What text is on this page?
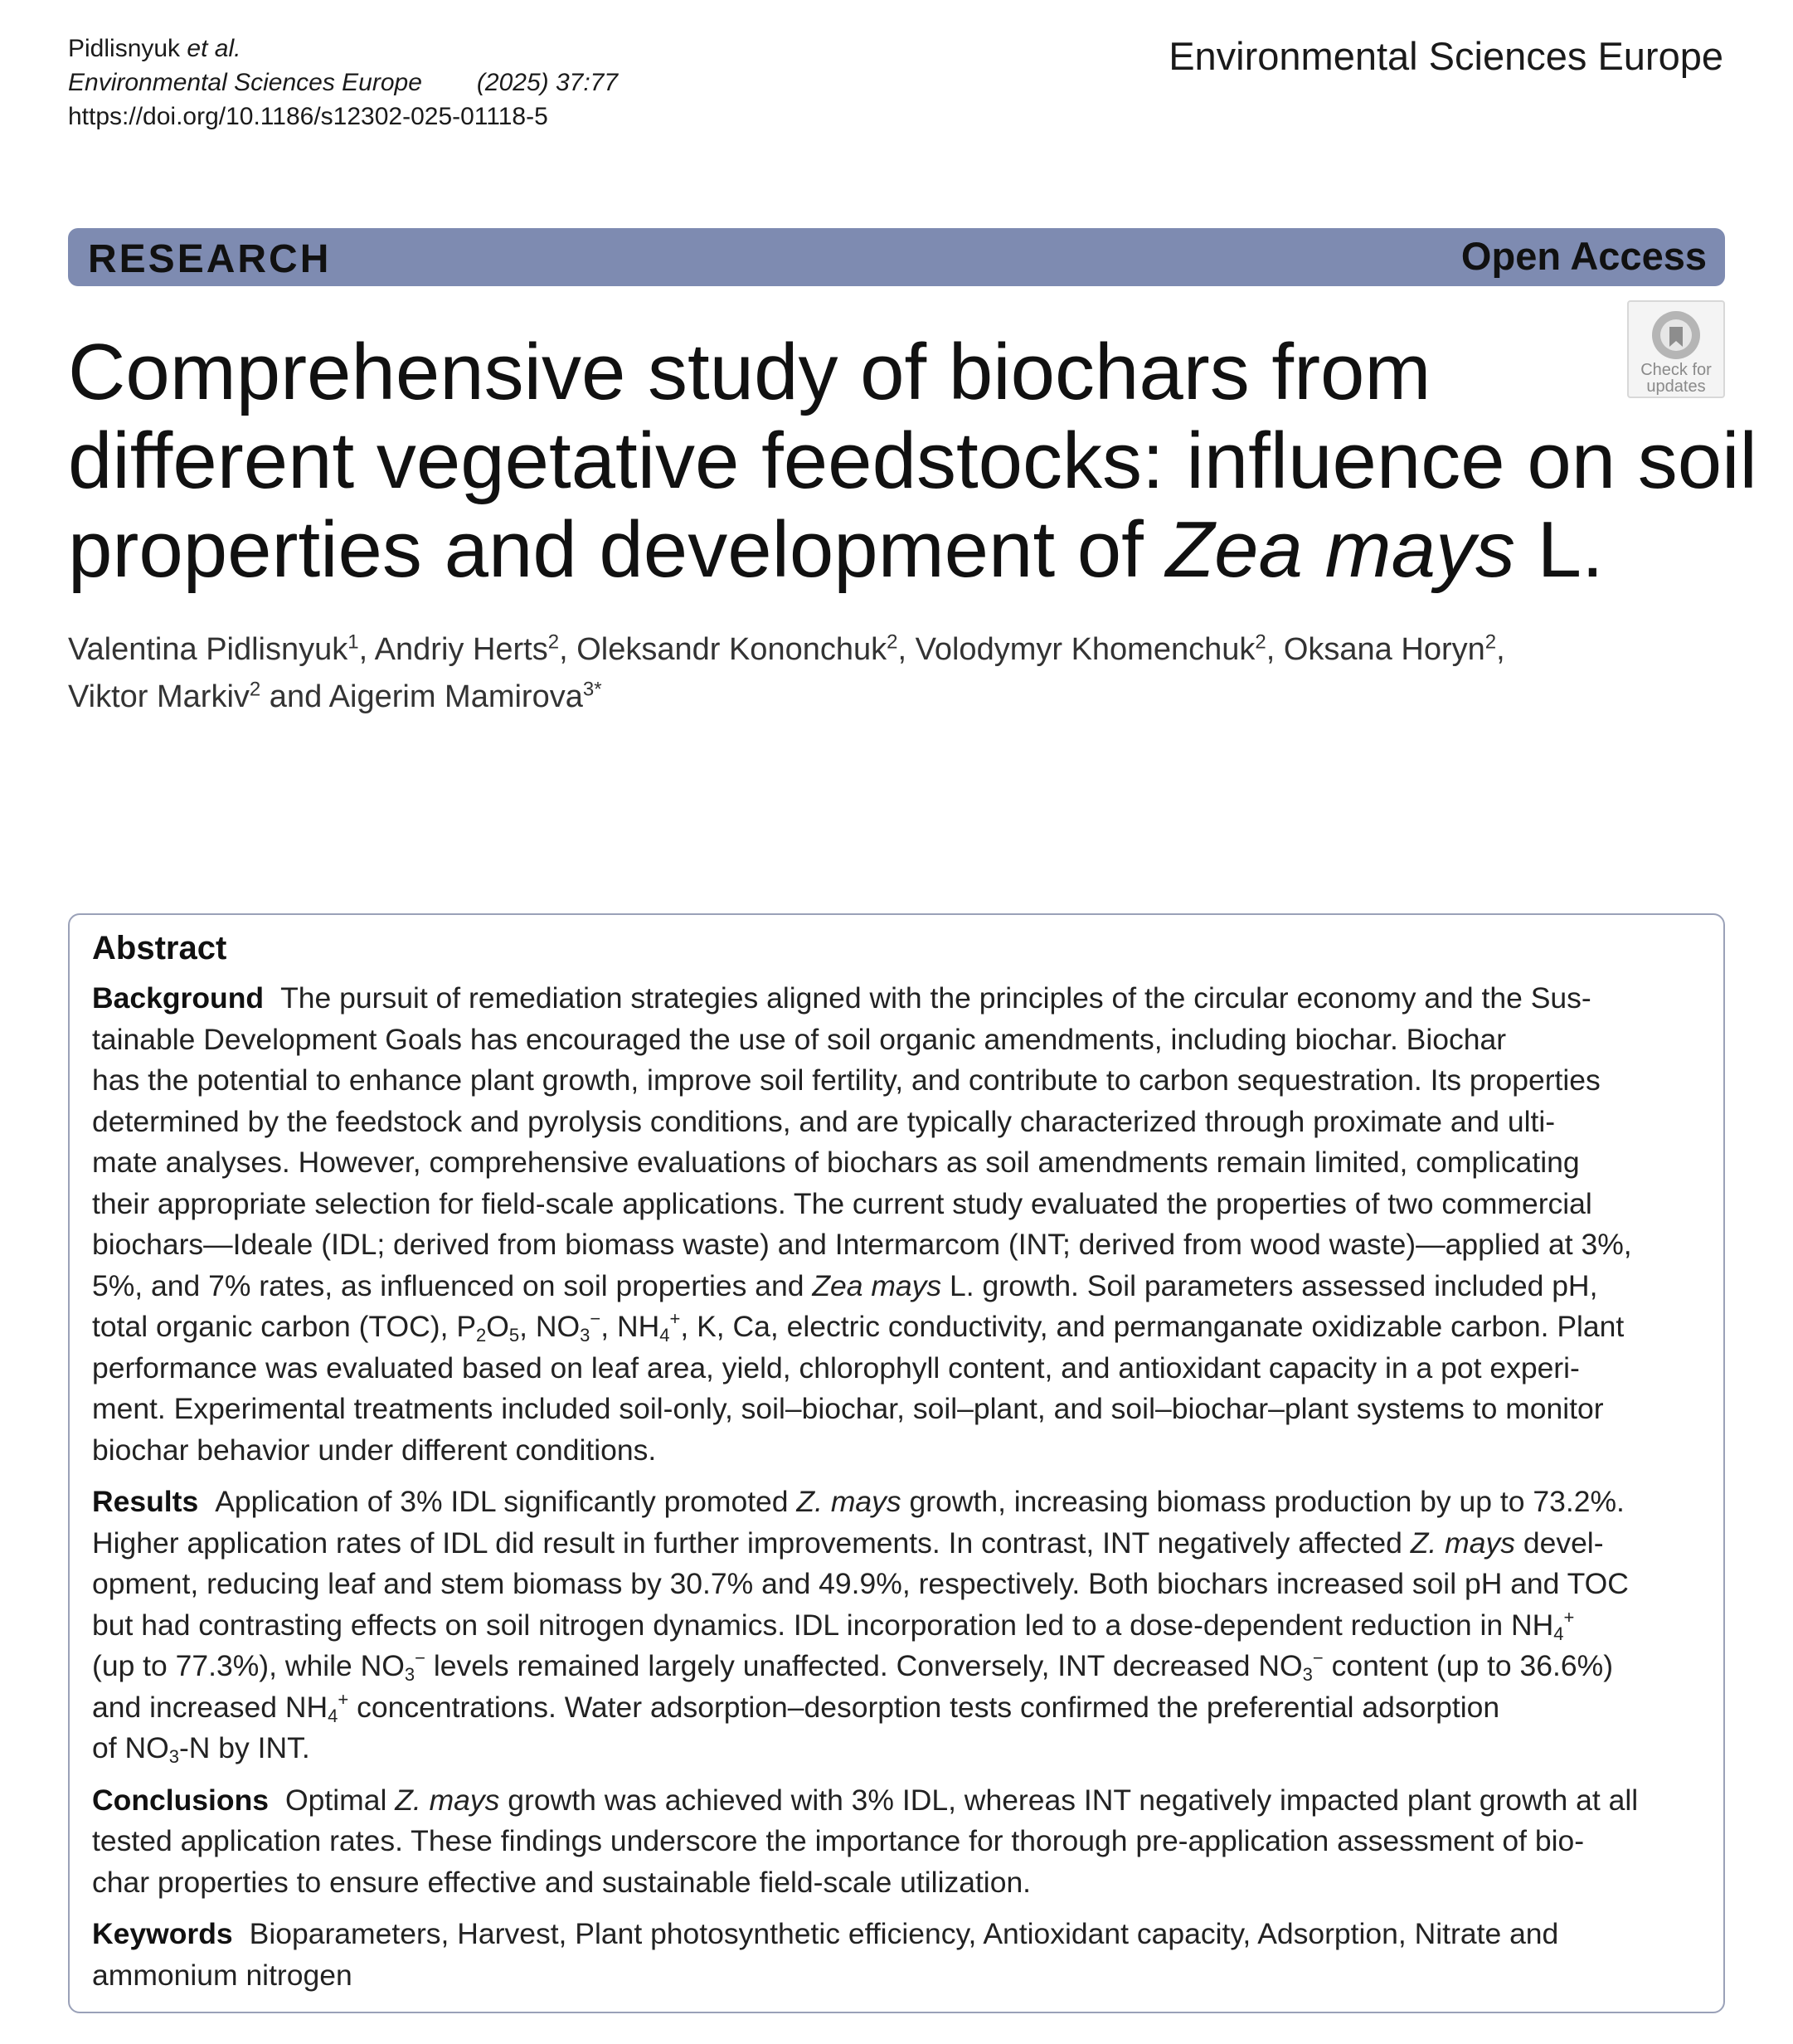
Pidlisnyuk et al.
Environmental Sciences Europe (2025) 37:77
https://doi.org/10.1186/s12302-025-01118-5
Environmental Sciences Europe
RESEARCH	Open Access
Check for
updates
Comprehensive study of biochars from
different vegetative feedstocks: influence on soil
properties and development of Zea mays L.
Valentina Pidlisnyuk$^1$, Andriy Herts$^2$, Oleksandr Kononchuk$^2$, Volodymyr Khomenchuk$^2$, Oksana Horyn$^2$,
Viktor Markiv$^2$ and Aigerim Mamirova$^{3*}$
Abstract
Background The pursuit of remediation strategies aligned with the principles of the circular economy and the Sus-
tainable Development Goals has encouraged the use of soil organic amendments, including biochar. Biochar
has the potential to enhance plant growth, improve soil fertility, and contribute to carbon sequestration. Its properties
determined by the feedstock and pyrolysis conditions, and are typically characterized through proximate and ulti-
mate analyses. However, comprehensive evaluations of biochars as soil amendments remain limited, complicating
their appropriate selection for field-scale applications. The current study evaluated the properties of two commercial
biochars—Ideale (IDL; derived from biomass waste) and Intermarcom (INT; derived from wood waste)—applied at 3%,
5%, and 7% rates, as influenced on soil properties and Zea mays L. growth. Soil parameters assessed included pH,
total organic carbon (TOC), $P_2O_5$, $NO_3^-$, $NH_4^+$, K, Ca, electric conductivity, and permanganate oxidizable carbon. Plant
performance was evaluated based on leaf area, yield, chlorophyll content, and antioxidant capacity in a pot experi-
ment. Experimental treatments included soil-only, soil–biochar, soil–plant, and soil–biochar–plant systems to monitor
biochar behavior under different conditions.
Results Application of 3% IDL significantly promoted Z. mays growth, increasing biomass production by up to 73.2%.
Higher application rates of IDL did result in further improvements. In contrast, INT negatively affected Z. mays devel-
opment, reducing leaf and stem biomass by 30.7% and 49.9%, respectively. Both biochars increased soil pH and TOC
but had contrasting effects on soil nitrogen dynamics. IDL incorporation led to a dose-dependent reduction in $NH_4^+$
(up to 77.3%), while $NO_3^-$ levels remained largely unaffected. Conversely, INT decreased $NO_3^-$ content (up to 36.6%)
and increased $NH_4^+$ concentrations. Water adsorption–desorption tests confirmed the preferential adsorption
of $NO_3-N$ by INT.
Conclusions Optimal Z. mays growth was achieved with 3% IDL, whereas INT negatively impacted plant growth at all
tested application rates. These findings underscore the importance for thorough pre-application assessment of bio-
char properties to ensure effective and sustainable field-scale utilization.
Keywords Bioparameters, Harvest, Plant photosynthetic efficiency, Antioxidant capacity, Adsorption, Nitrate and
ammonium nitrogen
